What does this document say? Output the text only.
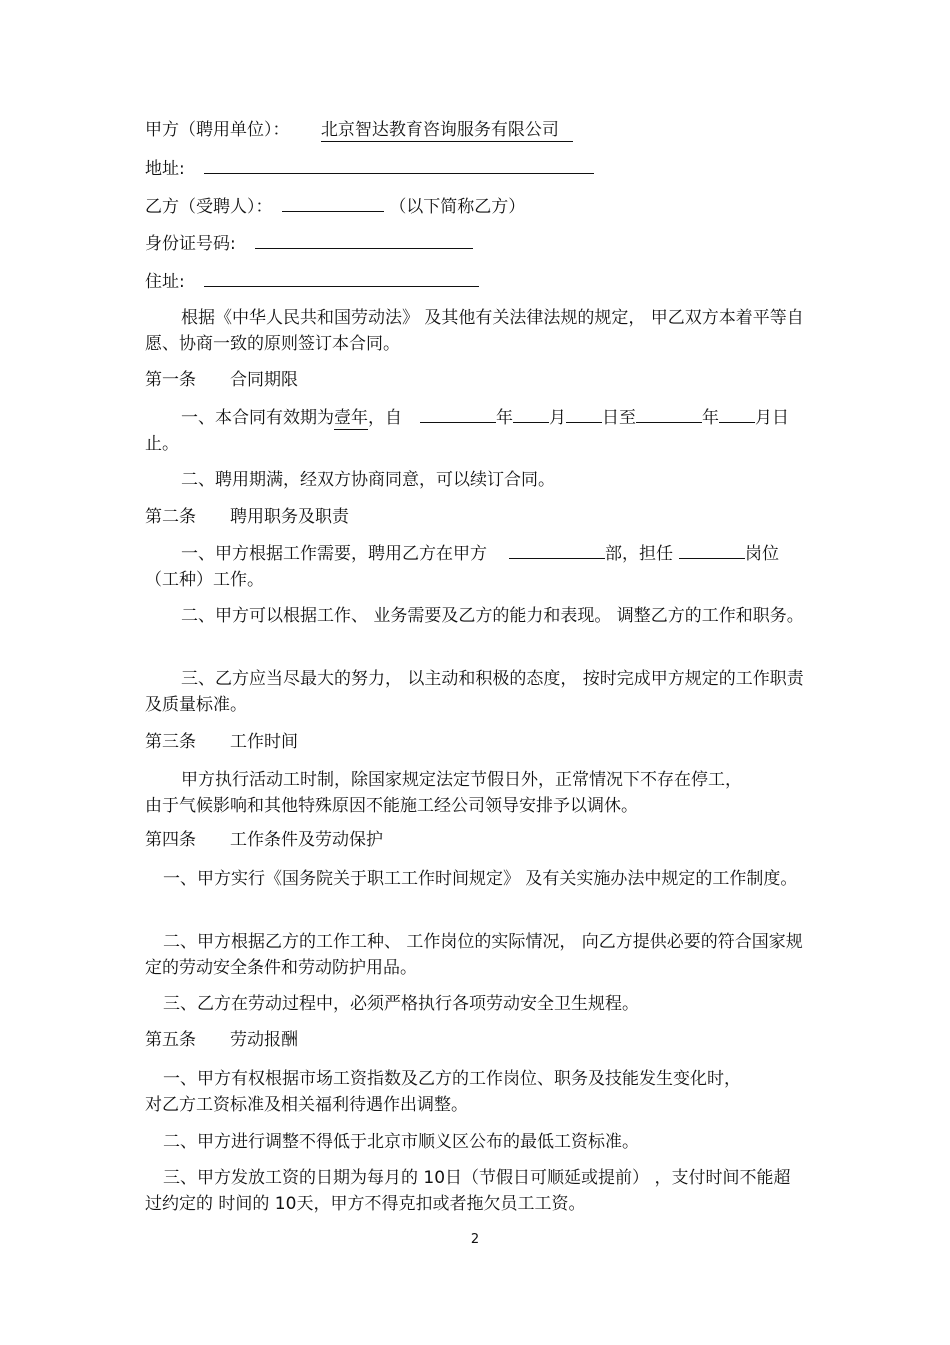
甲方（聘用单位）： 北京智达教育咨询服务有限公司
地址:
乙方（受聘人）：	（以下简称乙方）
身份证号码:
住址:
根据《中华人民共和国劳动法》 及其他有关法律法规的规定， 甲乙双方本着平等自愿、协商一致的原则签订本合同。
第一条 合同期限
一、本合同有效期为壹年，自	年 月 日至	年 月日止。
二、聘用期满，经双方协商同意，可以续订合同。
第二条 聘用职务及职责
一、甲方根据工作需要，聘用乙方在甲方	部，担任	岗位（工种）工作。
二、甲方可以根据工作、 业务需要及乙方的能力和表现。 调整乙方的工作和职务。
三、乙方应当尽最大的努力， 以主动和积极的态度， 按时完成甲方规定的工作职责及质量标准。
第三条 工作时间
甲方执行活动工时制，除国家规定法定节假日外，正常情况下不存在停工，
由于气候影响和其他特殊原因不能施工经公司领导安排予以调休。
第四条 工作条件及劳动保护
一、甲方实行《国务院关于职工工作时间规定》 及有关实施办法中规定的工作制度。
二、甲方根据乙方的工作工种、 工作岗位的实际情况， 向乙方提供必要的符合国家规定的劳动安全条件和劳动防护用品。
三、乙方在劳动过程中，必须严格执行各项劳动安全卫生规程。
第五条 劳动报酬
一、甲方有权根据市场工资指数及乙方的工作岗位、职务及技能发生变化时，
对乙方工资标准及相关福利待遇作出调整。
二、甲方进行调整不得低于北京市顺义区公布的最低工资标准。
三、甲方发放工资的日期为每月的 10日（节假日可顺延或提前） ，支付时间不能超过约定的 时间的 10天，甲方不得克扣或者拖欠员工工资。
2
